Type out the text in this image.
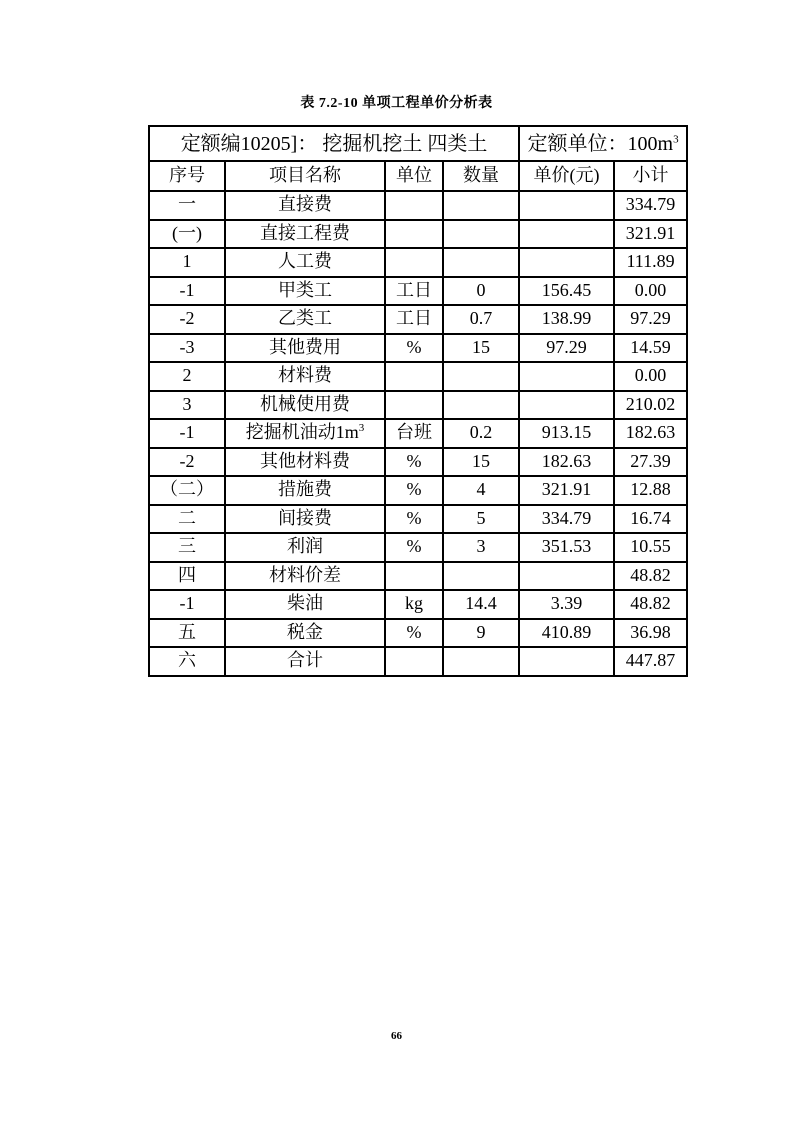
表 7.2-10 单项工程单价分析表
定额编10205]： 挖掘机挖土 四类土				定额单位：$100m^3$
序号	项目名称	单位	数量	单价(元)	小计
一	直接费				334.79
(一)	直接工程费				321.91
1	人工费				111.89
-1	甲类工	工日	0	156.45	0.00
-2	乙类工	工日	0.7	138.99	97.29
-3	其他费用	%	15	97.29	14.59
2	材料费				0.00
3	机械使用费				210.02
-1	挖掘机油动$1m^3$	台班	0.2	913.15	182.63
-2	其他材料费	%	15	182.63	27.39
（二）	措施费	%	4	321.91	12.88
二	间接费	%	5	334.79	16.74
三	利润	%	3	351.53	10.55
四	材料价差				48.82
-1	柴油	kg	14.4	3.39	48.82
五	税金	%	9	410.89	36.98
六	合计				447.87
66
